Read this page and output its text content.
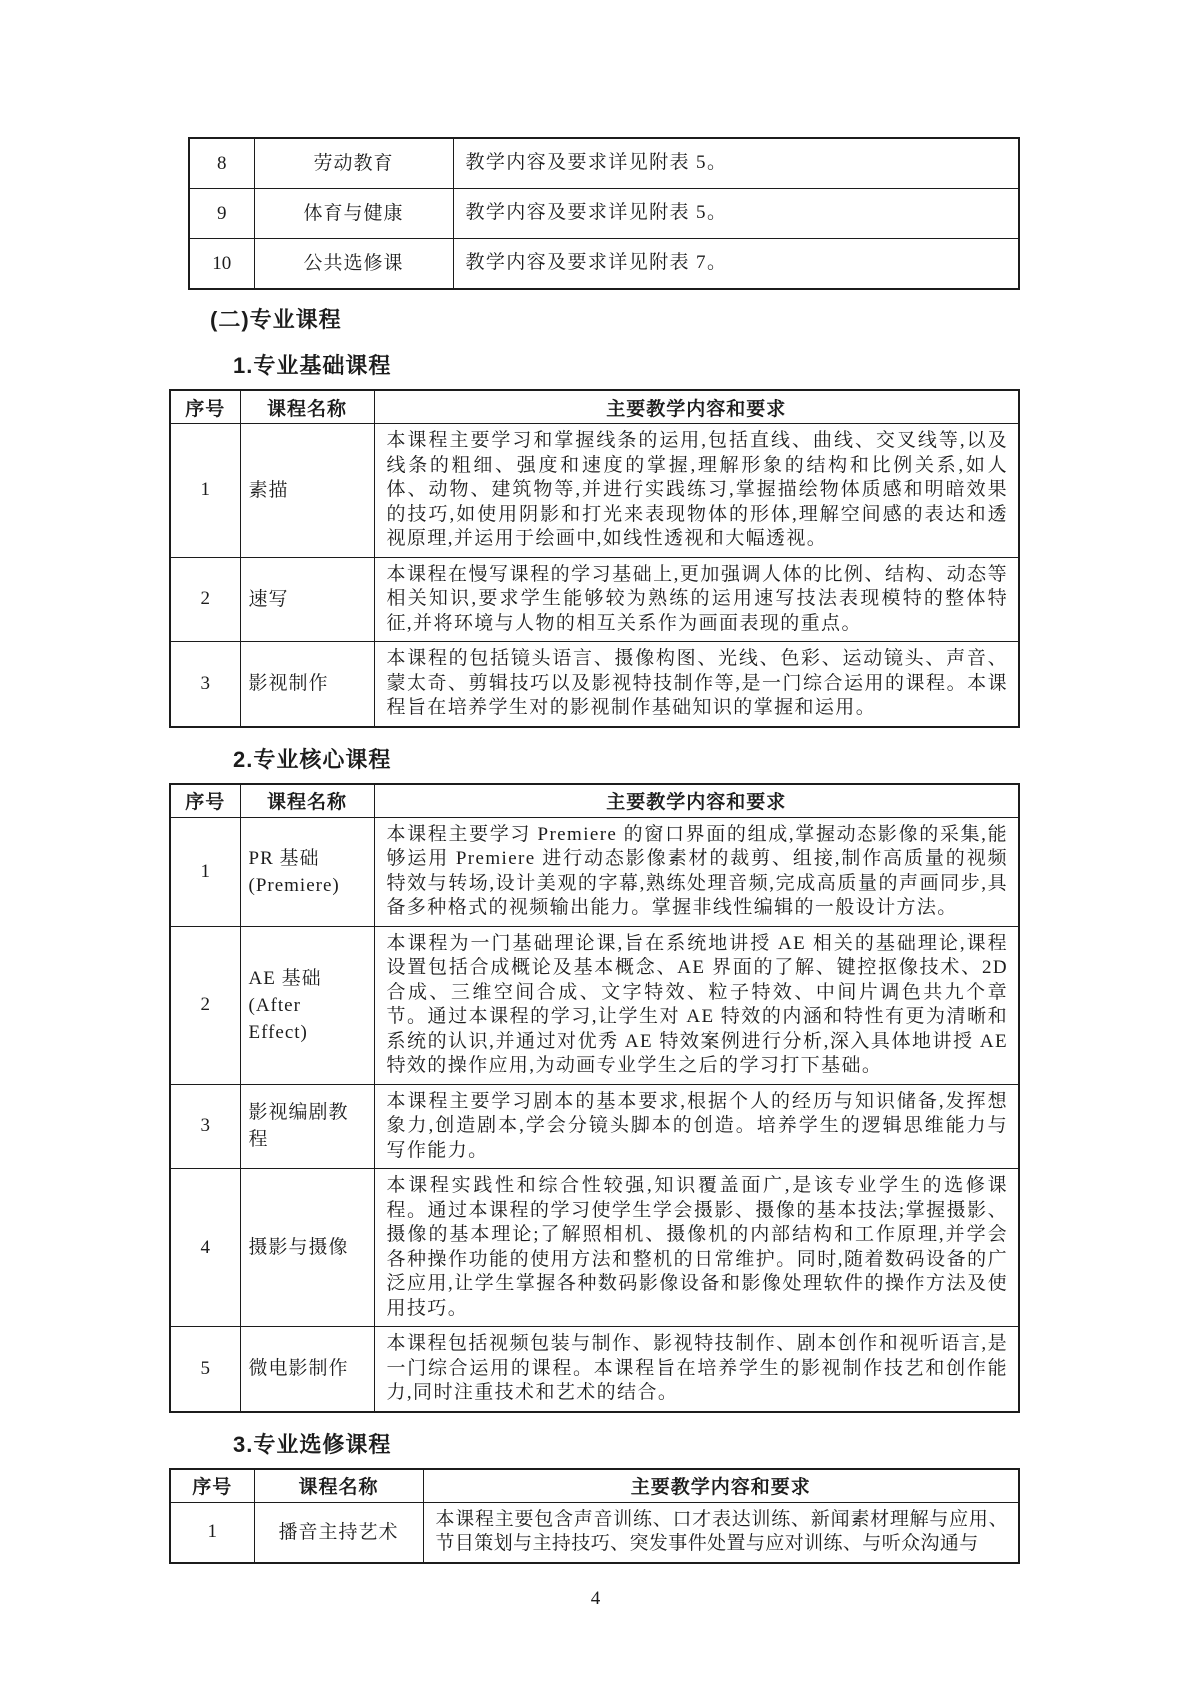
8	劳动教育	教学内容及要求详见附表 5。
9	体育与健康	教学内容及要求详见附表 5。
10	公共选修课	教学内容及要求详见附表 7。
(二)专业课程
1.专业基础课程
序号	课程名称	主要教学内容和要求
1	素描	本课程主要学习和掌握线条的运用,包括直线、曲线、交叉线等,以及线条的粗细、强度和速度的掌握,理解形象的结构和比例关系,如人体、动物、建筑物等,并进行实践练习,掌握描绘物体质感和明暗效果的技巧,如使用阴影和打光来表现物体的形体,理解空间感的表达和透视原理,并运用于绘画中,如线性透视和大幅透视。
2	速写	本课程在慢写课程的学习基础上,更加强调人体的比例、结构、动态等相关知识,要求学生能够较为熟练的运用速写技法表现模特的整体特征,并将环境与人物的相互关系作为画面表现的重点。
3	影视制作	本课程的包括镜头语言、摄像构图、光线、色彩、运动镜头、声音、蒙太奇、剪辑技巧以及影视特技制作等,是一门综合运用的课程。本课程旨在培养学生对的影视制作基础知识的掌握和运用。
2.专业核心课程
序号	课程名称	主要教学内容和要求
1	PR 基础 (Premiere)	本课程主要学习 Premiere 的窗口界面的组成,掌握动态影像的采集,能够运用 Premiere 进行动态影像素材的裁剪、组接,制作高质量的视频特效与转场,设计美观的字幕,熟练处理音频,完成高质量的声画同步,具备多种格式的视频输出能力。掌握非线性编辑的一般设计方法。
2	AE 基础 (After Effect)	本课程为一门基础理论课,旨在系统地讲授 AE 相关的基础理论,课程设置包括合成概论及基本概念、AE 界面的了解、键控抠像技术、2D 合成、三维空间合成、文字特效、粒子特效、中间片调色共九个章节。通过本课程的学习,让学生对 AE 特效的内涵和特性有更为清晰和系统的认识,并通过对优秀 AE 特效案例进行分析,深入具体地讲授 AE 特效的操作应用,为动画专业学生之后的学习打下基础。
3	影视编剧教程	本课程主要学习剧本的基本要求,根据个人的经历与知识储备,发挥想象力,创造剧本,学会分镜头脚本的创造。培养学生的逻辑思维能力与写作能力。
4	摄影与摄像	本课程实践性和综合性较强,知识覆盖面广,是该专业学生的选修课程。通过本课程的学习使学生学会摄影、摄像的基本技法;掌握摄影、摄像的基本理论;了解照相机、摄像机的内部结构和工作原理,并学会各种操作功能的使用方法和整机的日常维护。同时,随着数码设备的广泛应用,让学生掌握各种数码影像设备和影像处理软件的操作方法及使用技巧。
5	微电影制作	本课程包括视频包装与制作、影视特技制作、剧本创作和视听语言,是一门综合运用的课程。本课程旨在培养学生的影视制作技艺和创作能力,同时注重技术和艺术的结合。
3.专业选修课程
序号	课程名称	主要教学内容和要求
1	播音主持艺术	本课程主要包含声音训练、口才表达训练、新闻素材理解与应用、节目策划与主持技巧、突发事件处置与应对训练、与听众沟通与
4
